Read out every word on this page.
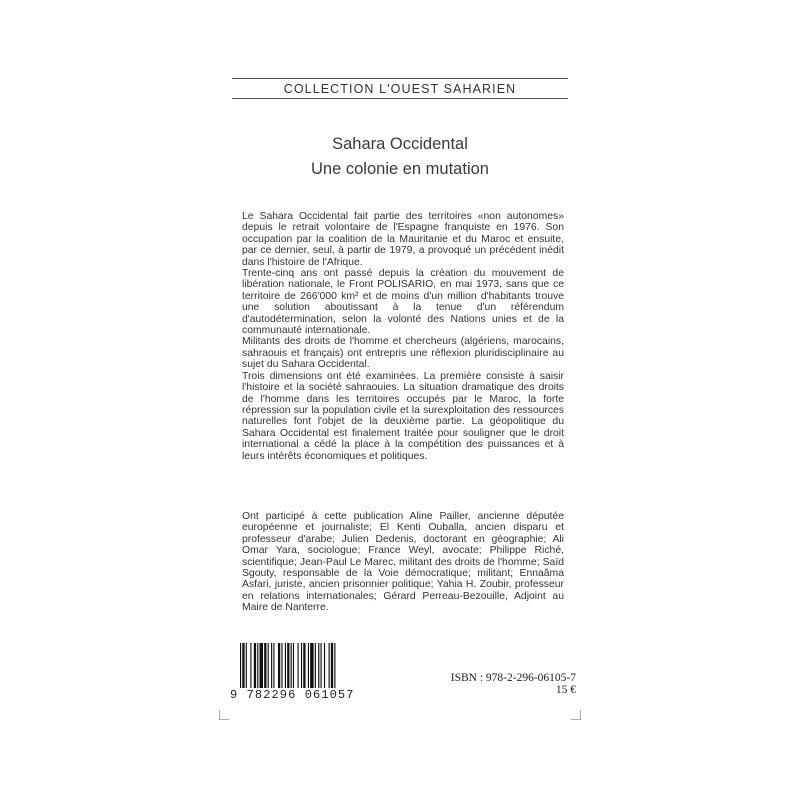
COLLECTION L'OUEST SAHARIEN
Sahara Occidental
Une colonie en mutation

Le Sahara Occidental fait partie des territoires «non autonomes» depuis le retrait volontaire de l'Espagne franquiste en 1976. Son occupation par la coalition de la Mauritanie et du Maroc et ensuite, par ce dernier, seul, à partir de 1979, a provoqué un précédent inédit dans l'histoire de l'Afrique.

Trente-cinq ans ont passé depuis la création du mouvement de libération nationale, le Front POLISARIO, en mai 1973, sans que ce territoire de 266'000 km² et de moins d'un million d'habitants trouve une solution aboutissant à la tenue d'un référendum d'autodétermination, selon la volonté des Nations unies et de la communauté internationale.

Militants des droits de l'homme et chercheurs (algériens, marocains, sahraouis et français) ont entrepris une réflexion pluridisciplinaire au sujet du Sahara Occidental.

Trois dimensions ont été examinées. La première consiste à saisir l'histoire et la société sahraouies. La situation dramatique des droits de l'homme dans les territoires occupés par le Maroc, la forte répression sur la population civile et la surexploitation des ressources naturelles font l'objet de la deuxième partie. La géopolitique du Sahara Occidental est finalement traitée pour souligner que le droit international a cédé la place à la compétition des puissances et à leurs intérêts économiques et politiques.

Ont participé à cette publication Aline Pailler, ancienne députée européenne et journaliste; El Kenti Ouballa, ancien disparu et professeur d'arabe; Julien Dedenis, doctorant en géographie; Ali Omar Yara, sociologue; France Weyl, avocate; Philippe Riché, scientifique; Jean-Paul Le Marec, militant des droits de l'homme; Saïd Sgouty, responsable de la Voie démocratique; militant; Ennaâma Asfari, juriste, ancien prisonnier politique; Yahia H. Zoubir, professeur en relations internationales; Gérard Perreau-Bezouille, Adjoint au Maire de Nanterre.

9 782296 061057
ISBN : 978-2-296-06105-7
15 €
